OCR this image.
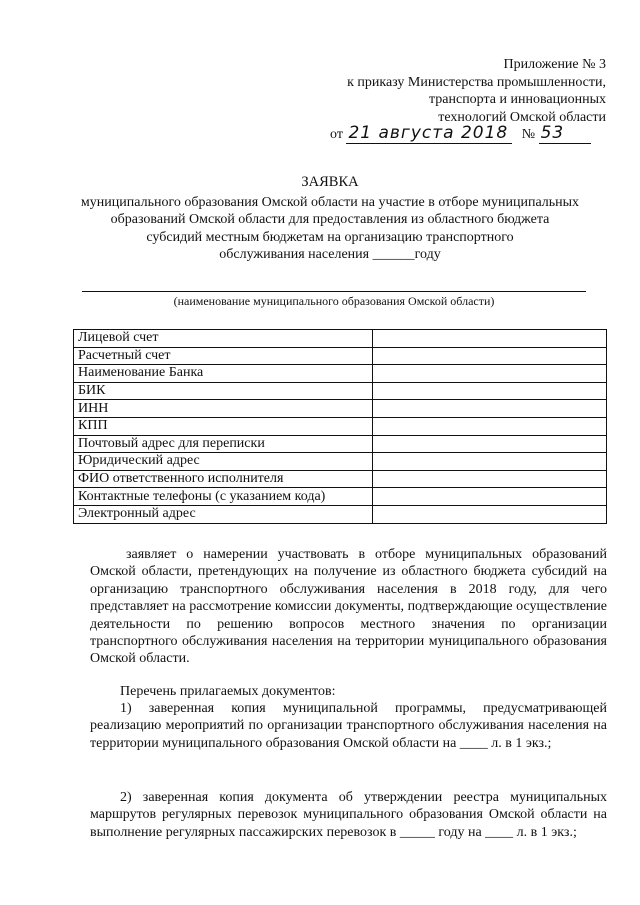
Приложение № 3
к приказу Министерства промышленности,
транспорта и инновационных
технологий Омской области
от 21 августа 2018 № 53
ЗАЯВКА
муниципального образования Омской области на участие в отборе муниципальных
образований Омской области для предоставления из областного бюджета
субсидий местным бюджетам на организацию транспортного
обслуживания населения ______году
(наименование муниципального образования Омской области)
Лицевой счет	
Расчетный счет	
Наименование Банка	
БИК	
ИНН	
КПП	
Почтовый адрес для переписки	
Юридический адрес	
ФИО ответственного исполнителя	
Контактные телефоны (с указанием кода)	
Электронный адрес	

заявляет о намерении участвовать в отборе муниципальных образований Омской области, претендующих на получение из областного бюджета субсидий на организацию транспортного обслуживания населения в 2018 году, для чего представляет на рассмотрение комиссии документы, подтверждающие осуществление деятельности по решению вопросов местного значения по организации транспортного обслуживания населения на территории муниципального образования Омской области.

Перечень прилагаемых документов:

1) заверенная копия муниципальной программы, предусматривающей реализацию мероприятий по организации транспортного обслуживания населения на территории муниципального образования Омской области на ____ л. в 1 экз.;

2) заверенная копия документа об утверждении реестра муниципальных маршрутов регулярных перевозок муниципального образования Омской области на выполнение регулярных пассажирских перевозок в _____ году на ____ л. в 1 экз.;
